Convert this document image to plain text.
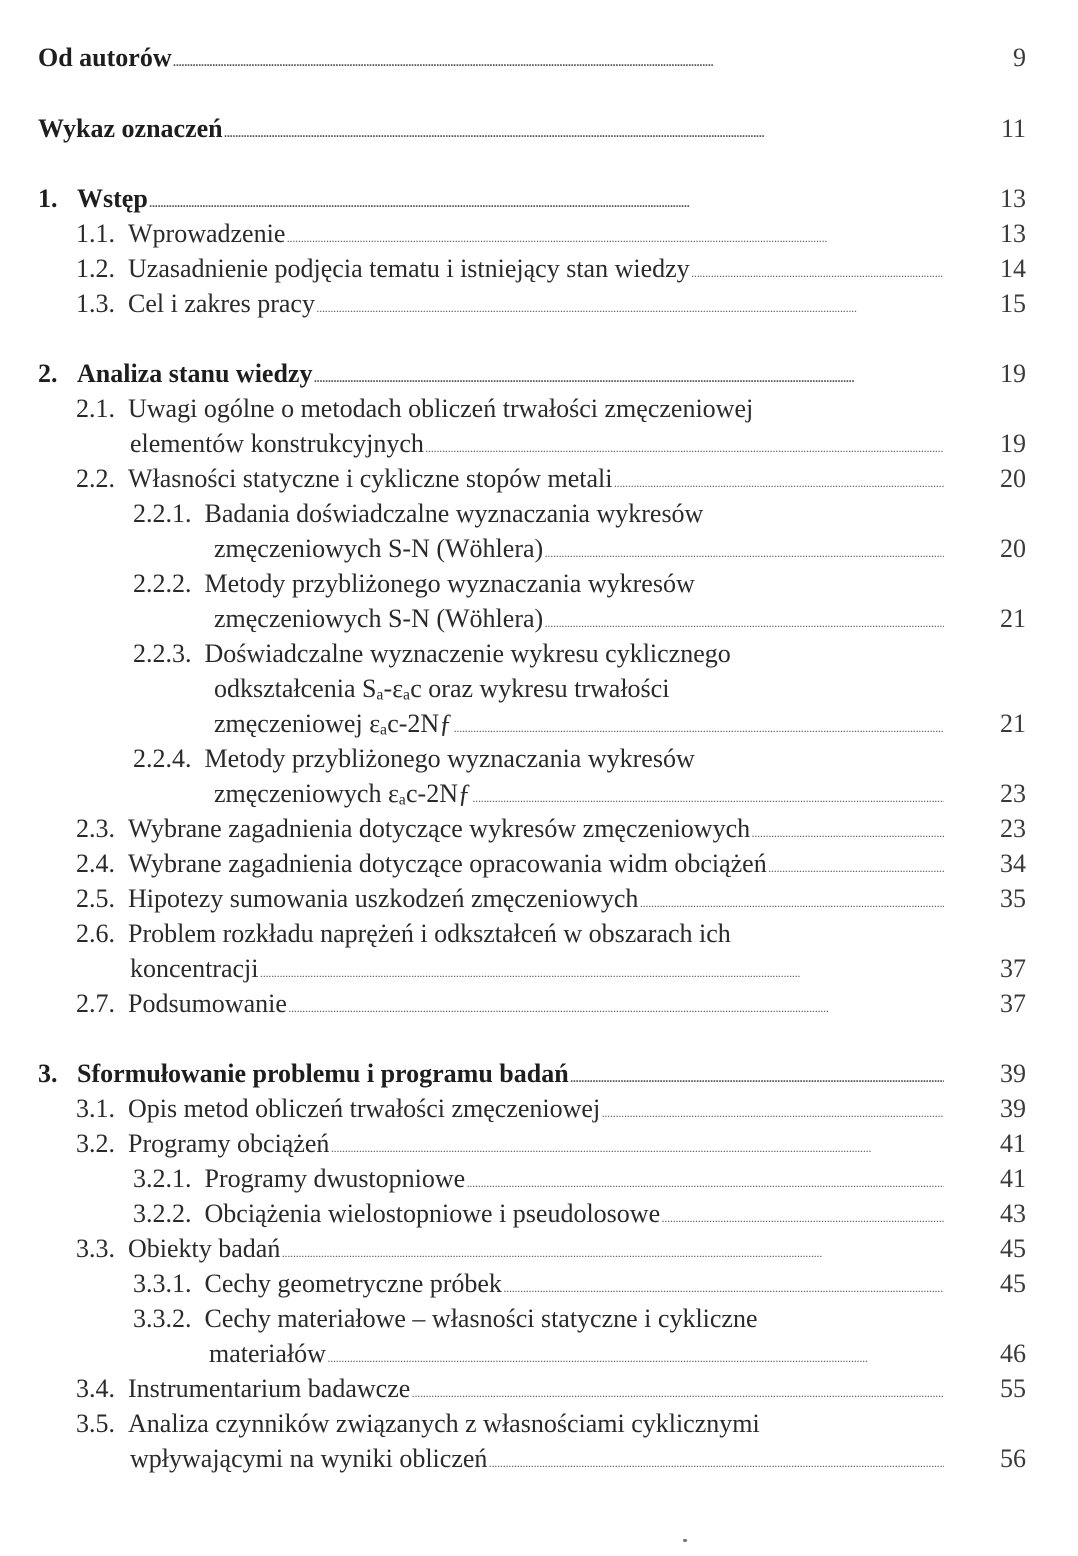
Od autorów . . .	9
Wykaz oznaczeń . . .	11
1. Wstęp . . .	13
1.1. Wprowadzenie . . .	13
1.2. Uzasadnienie podjęcia tematu i istniejący stan wiedzy . . .	14
1.3. Cel i zakres pracy . . .	15
2. Analiza stanu wiedzy . . .	19
2.1. Uwagi ogólne o metodach obliczeń trwałości zmęczeniowej
elementów konstrukcyjnych . . .	19
2.2. Własności statyczne i cykliczne stopów metali . . .	20
2.2.1. Badania doświadczalne wyznaczania wykresów
zmęczeniowych S-N (Wöhlera) . . .	20
2.2.2. Metody przybliżonego wyznaczania wykresów
zmęczeniowych S-N (Wöhlera) . . .	21
2.2.3. Doświadczalne wyznaczenie wykresu cyklicznego
odkształcenia Sₐ-εₐc oraz wykresu trwałości
zmęczeniowej εₐc-2Nƒ . . .	21
2.2.4. Metody przybliżonego wyznaczania wykresów
zmęczeniowych εₐc-2Nƒ . . .	23
2.3. Wybrane zagadnienia dotyczące wykresów zmęczeniowych . . .	23
2.4. Wybrane zagadnienia dotyczące opracowania widm obciążeń . . .	34
2.5. Hipotezy sumowania uszkodzeń zmęczeniowych . . .	35
2.6. Problem rozkładu naprężeń i odkształceń w obszarach ich
koncentracji . . .	37
2.7. Podsumowanie . . .	37
3. Sformułowanie problemu i programu badań . . .	39
3.1. Opis metod obliczeń trwałości zmęczeniowej . . .	39
3.2. Programy obciążeń . . .	41
3.2.1. Programy dwustopniowe . . .	41
3.2.2. Obciążenia wielostopniowe i pseudolosowe . . .	43
3.3. Obiekty badań . . .	45
3.3.1. Cechy geometryczne próbek . . .	45
3.3.2. Cechy materiałowe – własności statyczne i cykliczne
materiałów . . .	46
3.4. Instrumentarium badawcze . . .	55
3.5. Analiza czynników związanych z własnościami cyklicznymi
wpływającymi na wyniki obliczeń . . .	56
